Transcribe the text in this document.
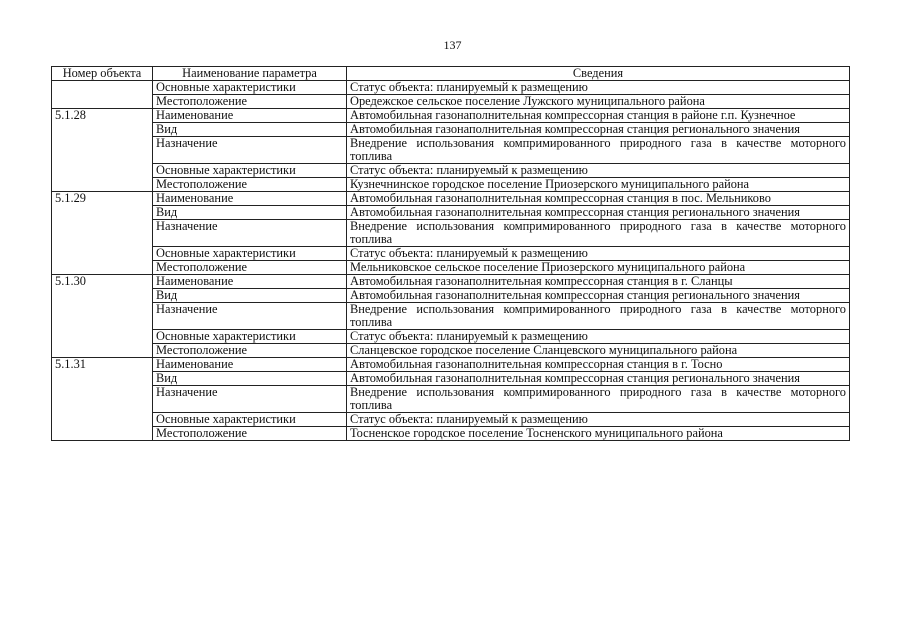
137
Номер объекта	Наименование параметра	Сведения
	Основные характеристики	Статус объекта: планируемый к размещению
	Местоположение	Оредежское сельское поселение Лужского муниципального района
5.1.28	Наименование	Автомобильная газонаполнительная компрессорная станция в районе г.п. Кузнечное
	Вид	Автомобильная газонаполнительная компрессорная станция регионального значения
	Назначение	Внедрение использования компримированного природного газа в качестве моторного топлива
	Основные характеристики	Статус объекта: планируемый к размещению
	Местоположение	Кузнечнинское городское поселение Приозерского муниципального района
5.1.29	Наименование	Автомобильная газонаполнительная компрессорная станция в пос. Мельниково
	Вид	Автомобильная газонаполнительная компрессорная станция регионального значения
	Назначение	Внедрение использования компримированного природного газа в качестве моторного топлива
	Основные характеристики	Статус объекта: планируемый к размещению
	Местоположение	Мельниковское сельское поселение Приозерского муниципального района
5.1.30	Наименование	Автомобильная газонаполнительная компрессорная станция в г. Сланцы
	Вид	Автомобильная газонаполнительная компрессорная станция регионального значения
	Назначение	Внедрение использования компримированного природного газа в качестве моторного топлива
	Основные характеристики	Статус объекта: планируемый к размещению
	Местоположение	Сланцевское городское поселение Сланцевского муниципального района
5.1.31	Наименование	Автомобильная газонаполнительная компрессорная станция в г. Тосно
	Вид	Автомобильная газонаполнительная компрессорная станция регионального значения
	Назначение	Внедрение использования компримированного природного газа в качестве моторного топлива
	Основные характеристики	Статус объекта: планируемый к размещению
	Местоположение	Тосненское городское поселение Тосненского муниципального района
